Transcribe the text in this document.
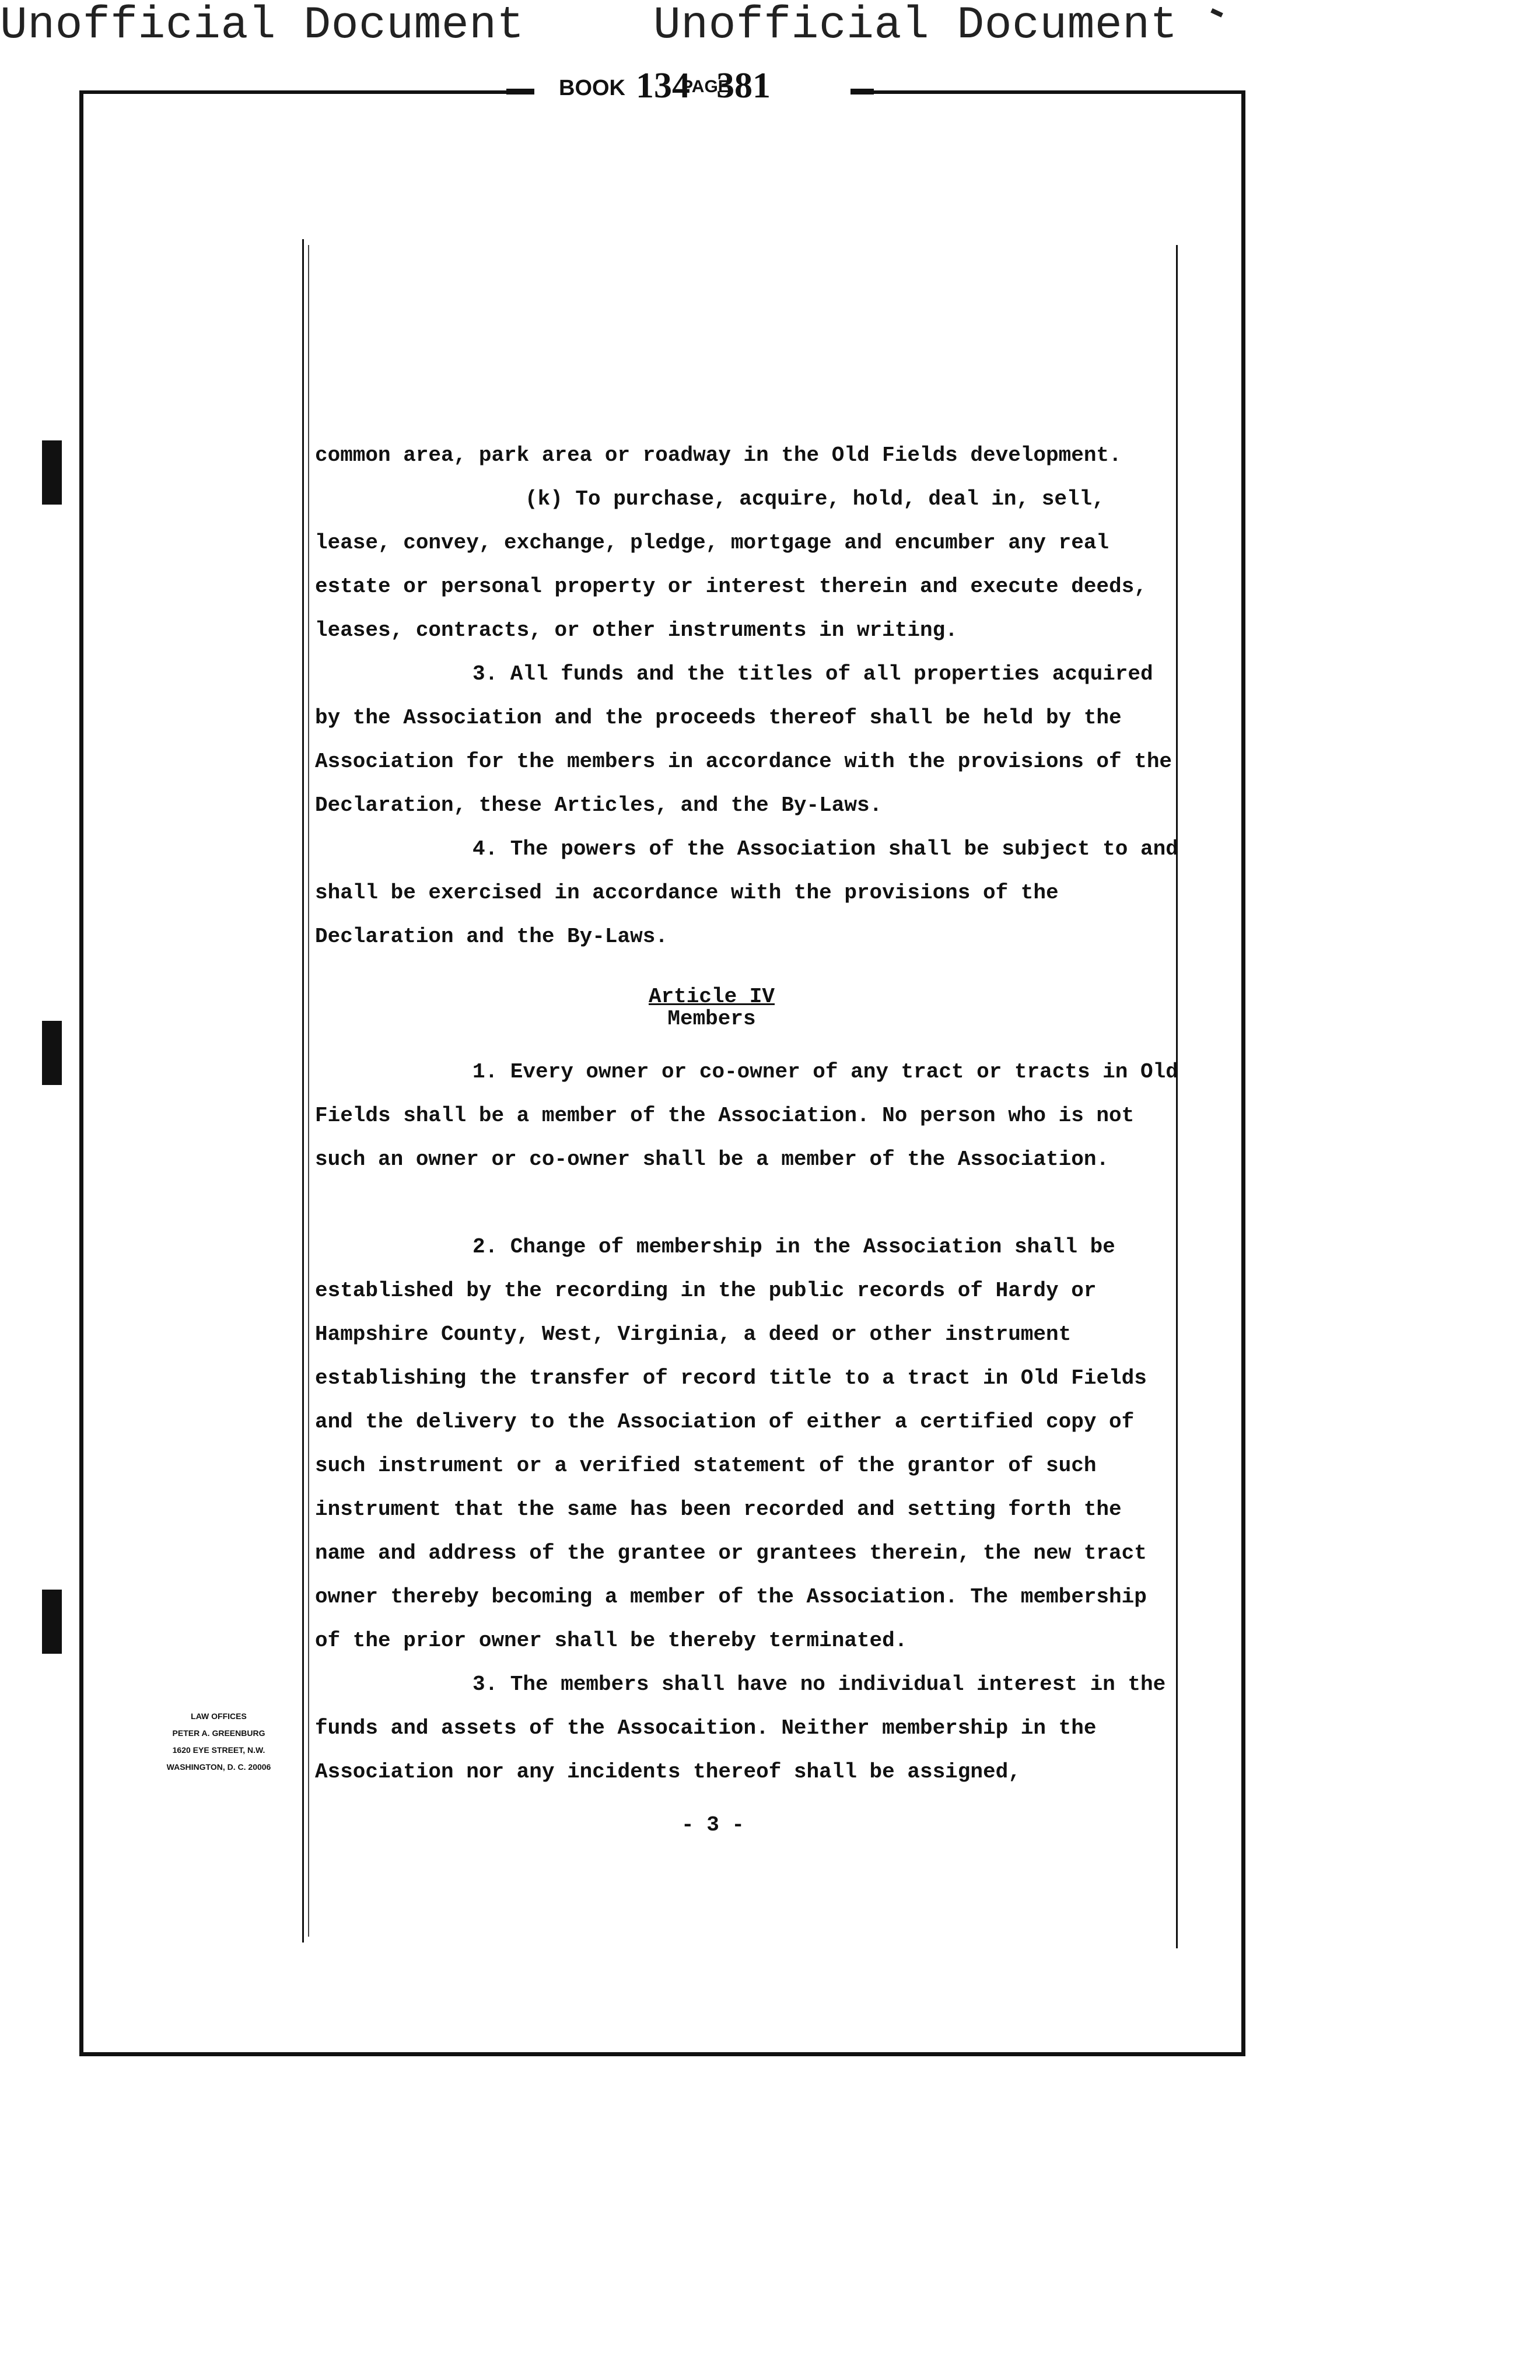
Unofficial Document	Unofficial Document
BOOK 134
PAGE
381

common area, park area or roadway in the Old Fields development.

(k) To purchase, acquire, hold, deal in, sell, lease, convey, exchange, pledge, mortgage and encumber any real estate or personal property or interest therein and execute deeds, leases, contracts, or other instruments in writing.

3. All funds and the titles of all properties acquired by the Association and the proceeds thereof shall be held by the Association for the members in accordance with the provisions of the Declaration, these Articles, and the By-Laws.

4. The powers of the Association shall be subject to and shall be exercised in accordance with the provisions of the Declaration and the By-Laws.

Article IV
Members

1. Every owner or co-owner of any tract or tracts in Old Fields shall be a member of the Association. No person who is not such an owner or co-owner shall be a member of the Association.

2. Change of membership in the Association shall be established by the recording in the public records of Hardy or Hampshire County, West, Virginia, a deed or other instrument establishing the transfer of record title to a tract in Old Fields and the delivery to the Association of either a certified copy of such instrument or a verified statement of the grantor of such instrument that the same has been recorded and setting forth the name and address of the grantee or grantees therein, the new tract owner thereby becoming a member of the Association. The membership of the prior owner shall be thereby terminated.

3. The members shall have no individual interest in the funds and assets of the Assocaition. Neither membership in the Association nor any incidents thereof shall be assigned,

- 3 -
LAW OFFICES
PETER A. GREENBURG
1620 EYE STREET, N.W.
WASHINGTON, D. C. 20006
